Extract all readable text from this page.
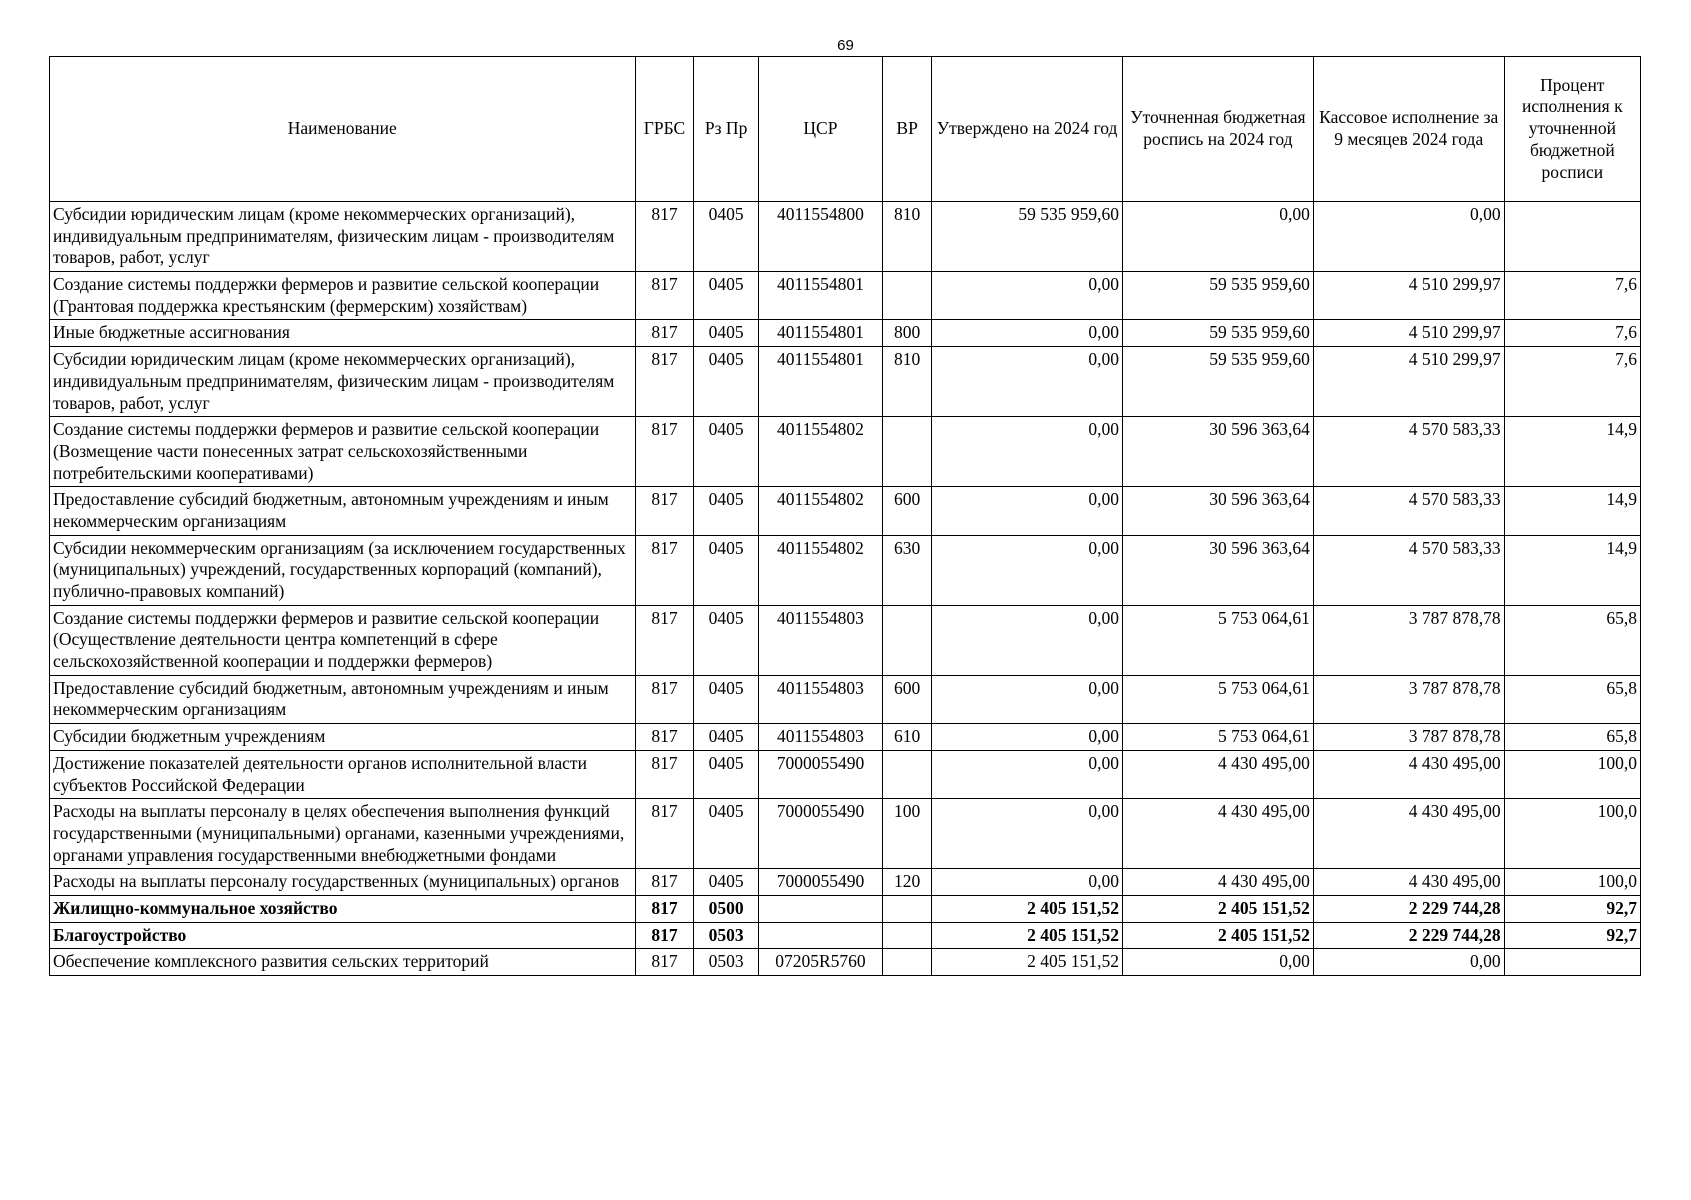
69
Наименование	ГРБС	Рз Пр	ЦСР	ВР	Утверждено на 2024 год	Уточненная бюджетная роспись на 2024 год	Кассовое исполнение за 9 месяцев 2024 года	Процент исполнения к уточненной бюджетной росписи
Субсидии юридическим лицам (кроме некоммерческих организаций), индивидуальным предпринимателям, физическим лицам - производителям товаров, работ, услуг	817	0405	4011554800	810	59 535 959,60	0,00	0,00	
Создание системы поддержки фермеров и развитие сельской кооперации (Грантовая поддержка крестьянским (фермерским) хозяйствам)	817	0405	4011554801		0,00	59 535 959,60	4 510 299,97	7,6
Иные бюджетные ассигнования	817	0405	4011554801	800	0,00	59 535 959,60	4 510 299,97	7,6
Субсидии юридическим лицам (кроме некоммерческих организаций), индивидуальным предпринимателям, физическим лицам - производителям товаров, работ, услуг	817	0405	4011554801	810	0,00	59 535 959,60	4 510 299,97	7,6
Создание системы поддержки фермеров и развитие сельской кооперации (Возмещение части понесенных затрат сельскохозяйственными потребительскими кооперативами)	817	0405	4011554802		0,00	30 596 363,64	4 570 583,33	14,9
Предоставление субсидий бюджетным, автономным учреждениям и иным некоммерческим организациям	817	0405	4011554802	600	0,00	30 596 363,64	4 570 583,33	14,9
Субсидии некоммерческим организациям (за исключением государственных (муниципальных) учреждений, государственных корпораций (компаний), публично-правовых компаний)	817	0405	4011554802	630	0,00	30 596 363,64	4 570 583,33	14,9
Создание системы поддержки фермеров и развитие сельской кооперации (Осуществление деятельности центра компетенций в сфере сельскохозяйственной кооперации и поддержки фермеров)	817	0405	4011554803		0,00	5 753 064,61	3 787 878,78	65,8
Предоставление субсидий бюджетным, автономным учреждениям и иным некоммерческим организациям	817	0405	4011554803	600	0,00	5 753 064,61	3 787 878,78	65,8
Субсидии бюджетным учреждениям	817	0405	4011554803	610	0,00	5 753 064,61	3 787 878,78	65,8
Достижение показателей деятельности органов исполнительной власти субъектов Российской Федерации	817	0405	7000055490		0,00	4 430 495,00	4 430 495,00	100,0
Расходы на выплаты персоналу в целях обеспечения выполнения функций государственными (муниципальными) органами, казенными учреждениями, органами управления государственными внебюджетными фондами	817	0405	7000055490	100	0,00	4 430 495,00	4 430 495,00	100,0
Расходы на выплаты персоналу государственных (муниципальных) органов	817	0405	7000055490	120	0,00	4 430 495,00	4 430 495,00	100,0
Жилищно-коммунальное хозяйство	817	0500			2 405 151,52	2 405 151,52	2 229 744,28	92,7
Благоустройство	817	0503			2 405 151,52	2 405 151,52	2 229 744,28	92,7
Обеспечение комплексного развития сельских территорий	817	0503	07205R5760		2 405 151,52	0,00	0,00	
